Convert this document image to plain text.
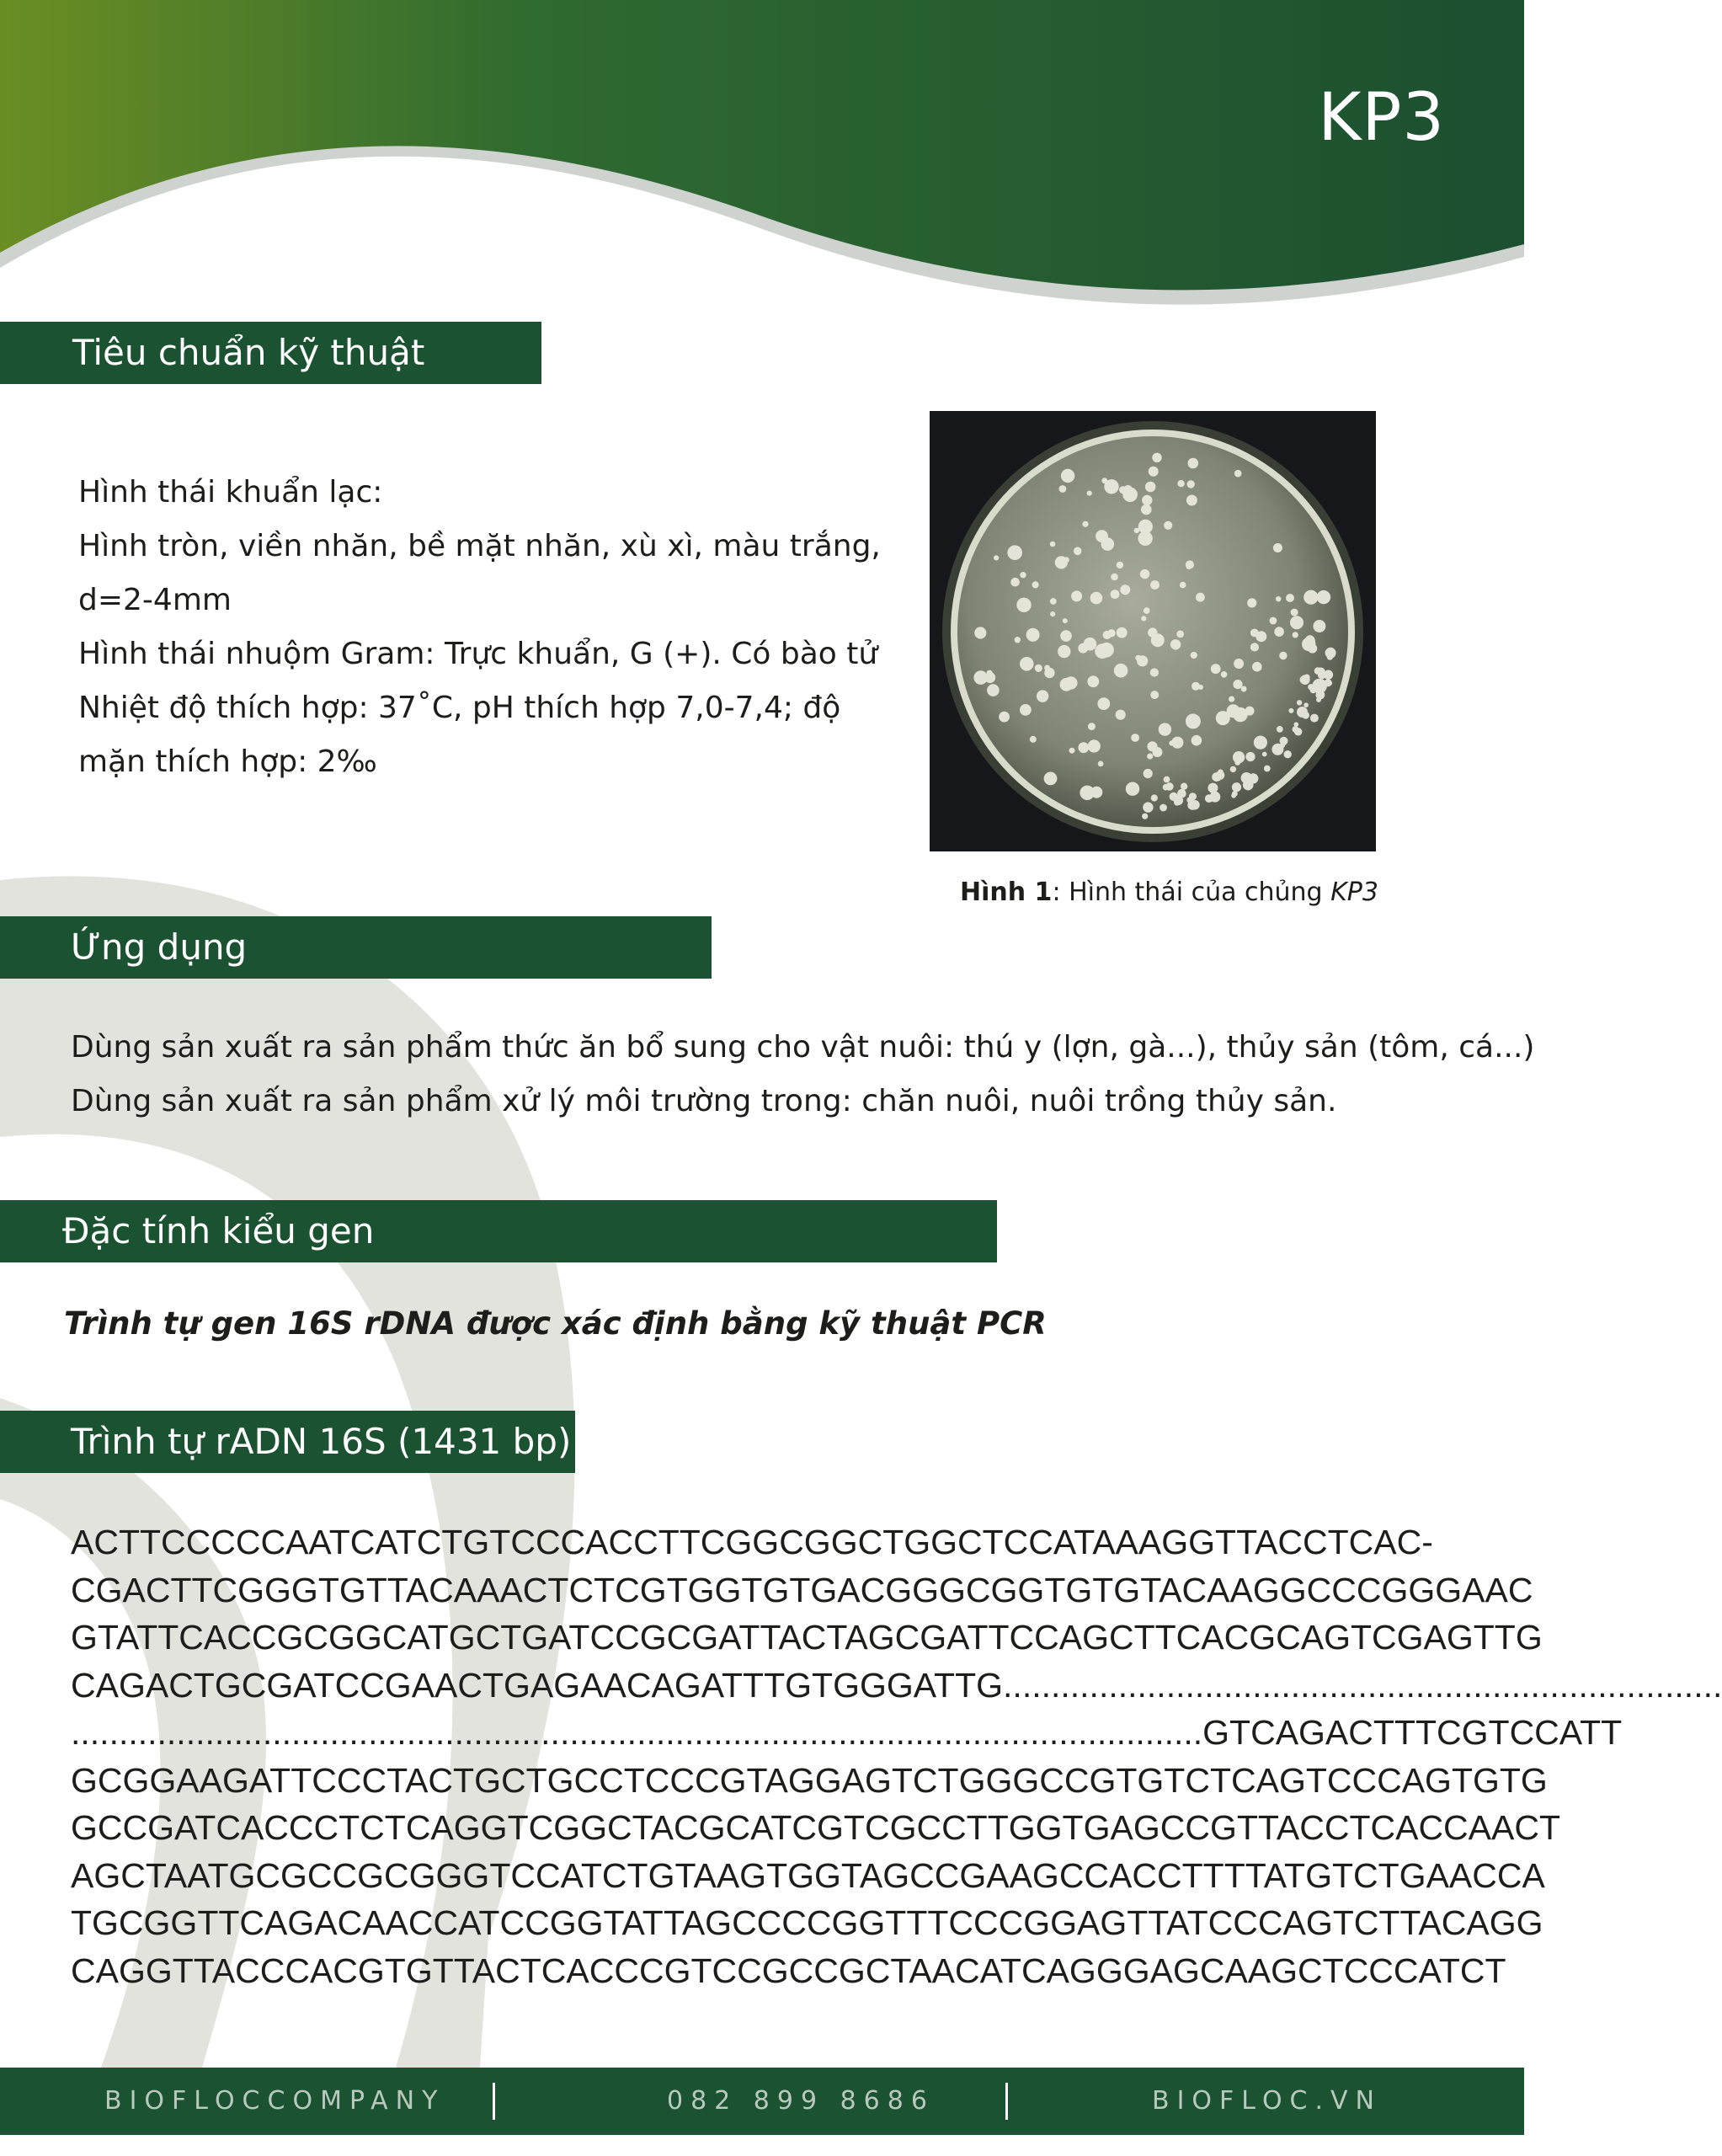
KP3
Tiêu chuẩn kỹ thuật
Hình thái khuẩn lạc:
Hình tròn, viền nhăn, bề mặt nhăn, xù xì, màu trắng,
d=2-4mm
Hình thái nhuộm Gram: Trực khuẩn, G (+). Có bào tử
Nhiệt độ thích hợp: 37˚C, pH thích hợp 7,0-7,4; độ
mặn thích hợp: 2‰
Hình 1: Hình thái của chủng KP3
Ứng dụng
Dùng sản xuất ra sản phẩm thức ăn bổ sung cho vật nuôi: thú y (lợn, gà...), thủy sản (tôm, cá...)
Dùng sản xuất ra sản phẩm xử lý môi trường trong: chăn nuôi, nuôi trồng thủy sản.
Đặc tính kiểu gen
Trình tự gen 16S rDNA được xác định bằng kỹ thuật PCR
Trình tự rADN 16S (1431 bp)
ACTTCCCCCAATCATCTGTCCCACCTTCGGCGGCTGGCTCCATAAAGGTTACCTCAC-
CGACTTCGGGTGTTACAAACTCTCGTGGTGTGACGGGCGGTGTGTACAAGGCCCGGGAAC
GTATTCACCGCGGCATGCTGATCCGCGATTACTAGCGATTCCAGCTTCACGCAGTCGAGTTG
CAGACTGCGATCCGAACTGAGAACAGATTTGTGGGATTG...........................................................................
......................................................................................................................GTCAGACTTTCGTCCATT
GCGGAAGATTCCCTACTGCTGCCTCCCGTAGGAGTCTGGGCCGTGTCTCAGTCCCAGTGTG
GCCGATCACCCTCTCAGGTCGGCTACGCATCGTCGCCTTGGTGAGCCGTTACCTCACCAACT
AGCTAATGCGCCGCGGGTCCATCTGTAAGTGGTAGCCGAAGCCACCTTTTATGTCTGAACCA
TGCGGTTCAGACAACCATCCGGTATTAGCCCCGGTTTCCCGGAGTTATCCCAGTCTTACAGG
CAGGTTACCCACGTGTTACTCACCCGTCCGCCGCTAACATCAGGGAGCAAGCTCCCATCT
BIOFLOCCOMPANY	082 899 8686	BIOFLOC.VN
